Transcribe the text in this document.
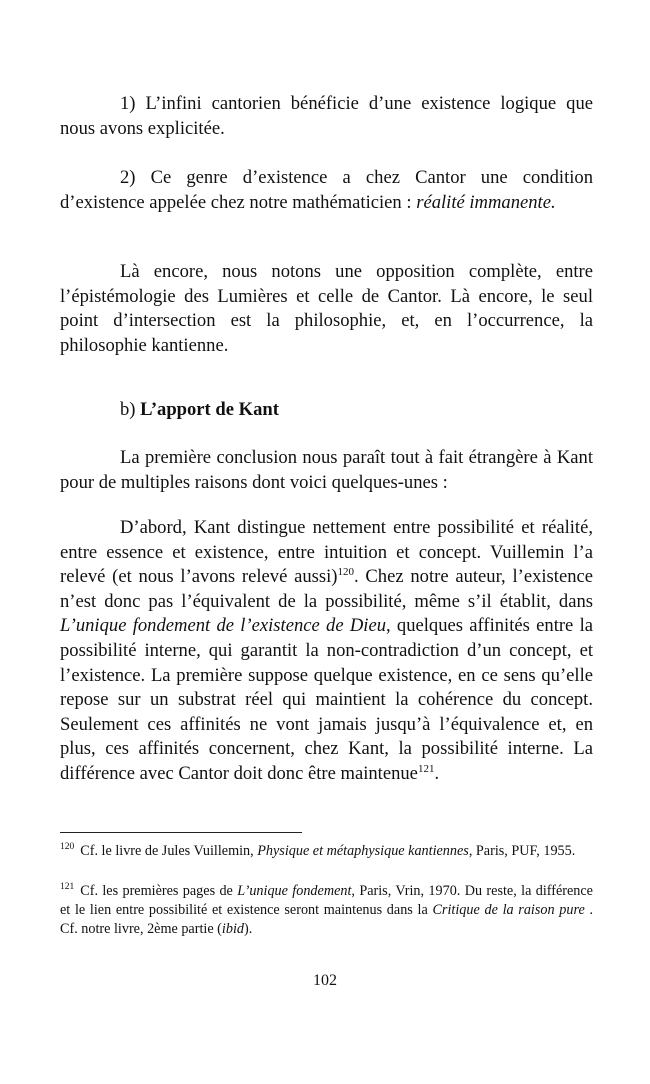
1) L’infini cantorien bénéficie d’une existence logique que nous avons explicitée.

2) Ce genre d’existence a chez Cantor une condition d’existence appelée chez notre mathématicien : réalité immanente.

Là encore, nous notons une opposition complète, entre l’épistémologie des Lumières et celle de Cantor. Là encore, le seul point d’intersection est la philosophie, et, en l’occurrence, la philosophie kantienne.

b) L’apport de Kant

La première conclusion nous paraît tout à fait étrangère à Kant pour de multiples raisons dont voici quelques-unes :

D’abord, Kant distingue nettement entre possibilité et réalité, entre essence et existence, entre intuition et concept. Vuillemin l’a relevé (et nous l’avons relevé aussi)$^{120}$. Chez notre auteur, l’existence n’est donc pas l’équivalent de la possibilité, même s’il établit, dans L’unique fondement de l’existence de Dieu, quelques affinités entre la possibilité interne, qui garantit la non-contradiction d’un concept, et l’existence. La première suppose quelque existence, en ce sens qu’elle repose sur un substrat réel qui maintient la cohérence du concept. Seulement ces affinités ne vont jamais jusqu’à l’équivalence et, en plus, ces affinités concernent, chez Kant, la possibilité interne. La différence avec Cantor doit donc être maintenue$^{121}$.

$^{120}$ Cf. le livre de Jules Vuillemin, Physique et métaphysique kantiennes, Paris, PUF, 1955.

$^{121}$ Cf. les premières pages de L’unique fondement, Paris, Vrin, 1970. Du reste, la différence et le lien entre possibilité et existence seront maintenus dans la Critique de la raison pure . Cf. notre livre, 2ème partie (ibid).

102
